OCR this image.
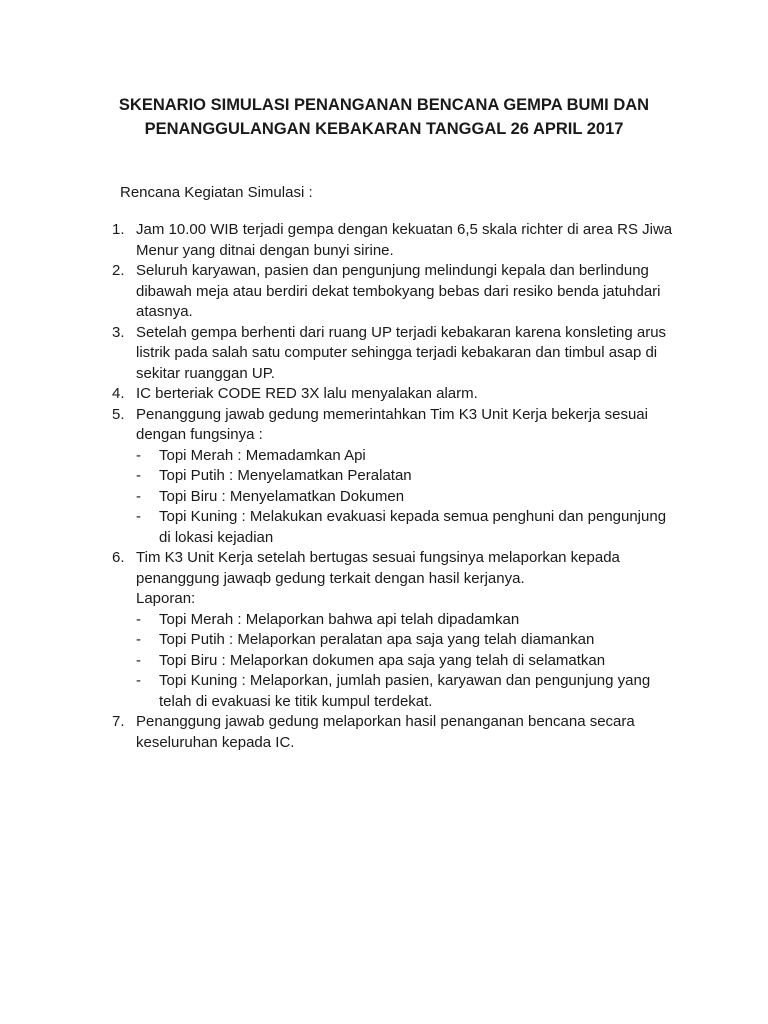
SKENARIO SIMULASI PENANGANAN BENCANA GEMPA BUMI DAN
PENANGGULANGAN KEBAKARAN TANGGAL 26 APRIL 2017
Rencana Kegiatan Simulasi :
1. Jam 10.00 WIB terjadi gempa dengan kekuatan 6,5 skala richter di area RS Jiwa
Menur yang ditnai dengan bunyi sirine.
2. Seluruh karyawan, pasien dan pengunjung melindungi kepala dan berlindung
dibawah meja atau berdiri dekat tembokyang bebas dari resiko benda jatuhdari
atasnya.
3. Setelah gempa berhenti dari ruang UP terjadi kebakaran karena konsleting arus
listrik pada salah satu computer sehingga terjadi kebakaran dan timbul asap di
sekitar ruanggan UP.
4. IC berteriak CODE RED 3X lalu menyalakan alarm.
5. Penanggung jawab gedung memerintahkan Tim K3 Unit Kerja bekerja sesuai
dengan fungsinya :
- Topi Merah : Memadamkan Api
- Topi Putih : Menyelamatkan Peralatan
- Topi Biru : Menyelamatkan Dokumen
- Topi Kuning : Melakukan evakuasi kepada semua penghuni dan pengunjung
di lokasi kejadian
6. Tim K3 Unit Kerja setelah bertugas sesuai fungsinya melaporkan kepada
penanggung jawaqb gedung terkait dengan hasil kerjanya.
Laporan:
- Topi Merah : Melaporkan bahwa api telah dipadamkan
- Topi Putih : Melaporkan peralatan apa saja yang telah diamankan
- Topi Biru : Melaporkan dokumen apa saja yang telah di selamatkan
- Topi Kuning : Melaporkan, jumlah pasien, karyawan dan pengunjung yang
telah di evakuasi ke titik kumpul terdekat.
7. Penanggung jawab gedung melaporkan hasil penanganan bencana secara
keseluruhan kepada IC.
